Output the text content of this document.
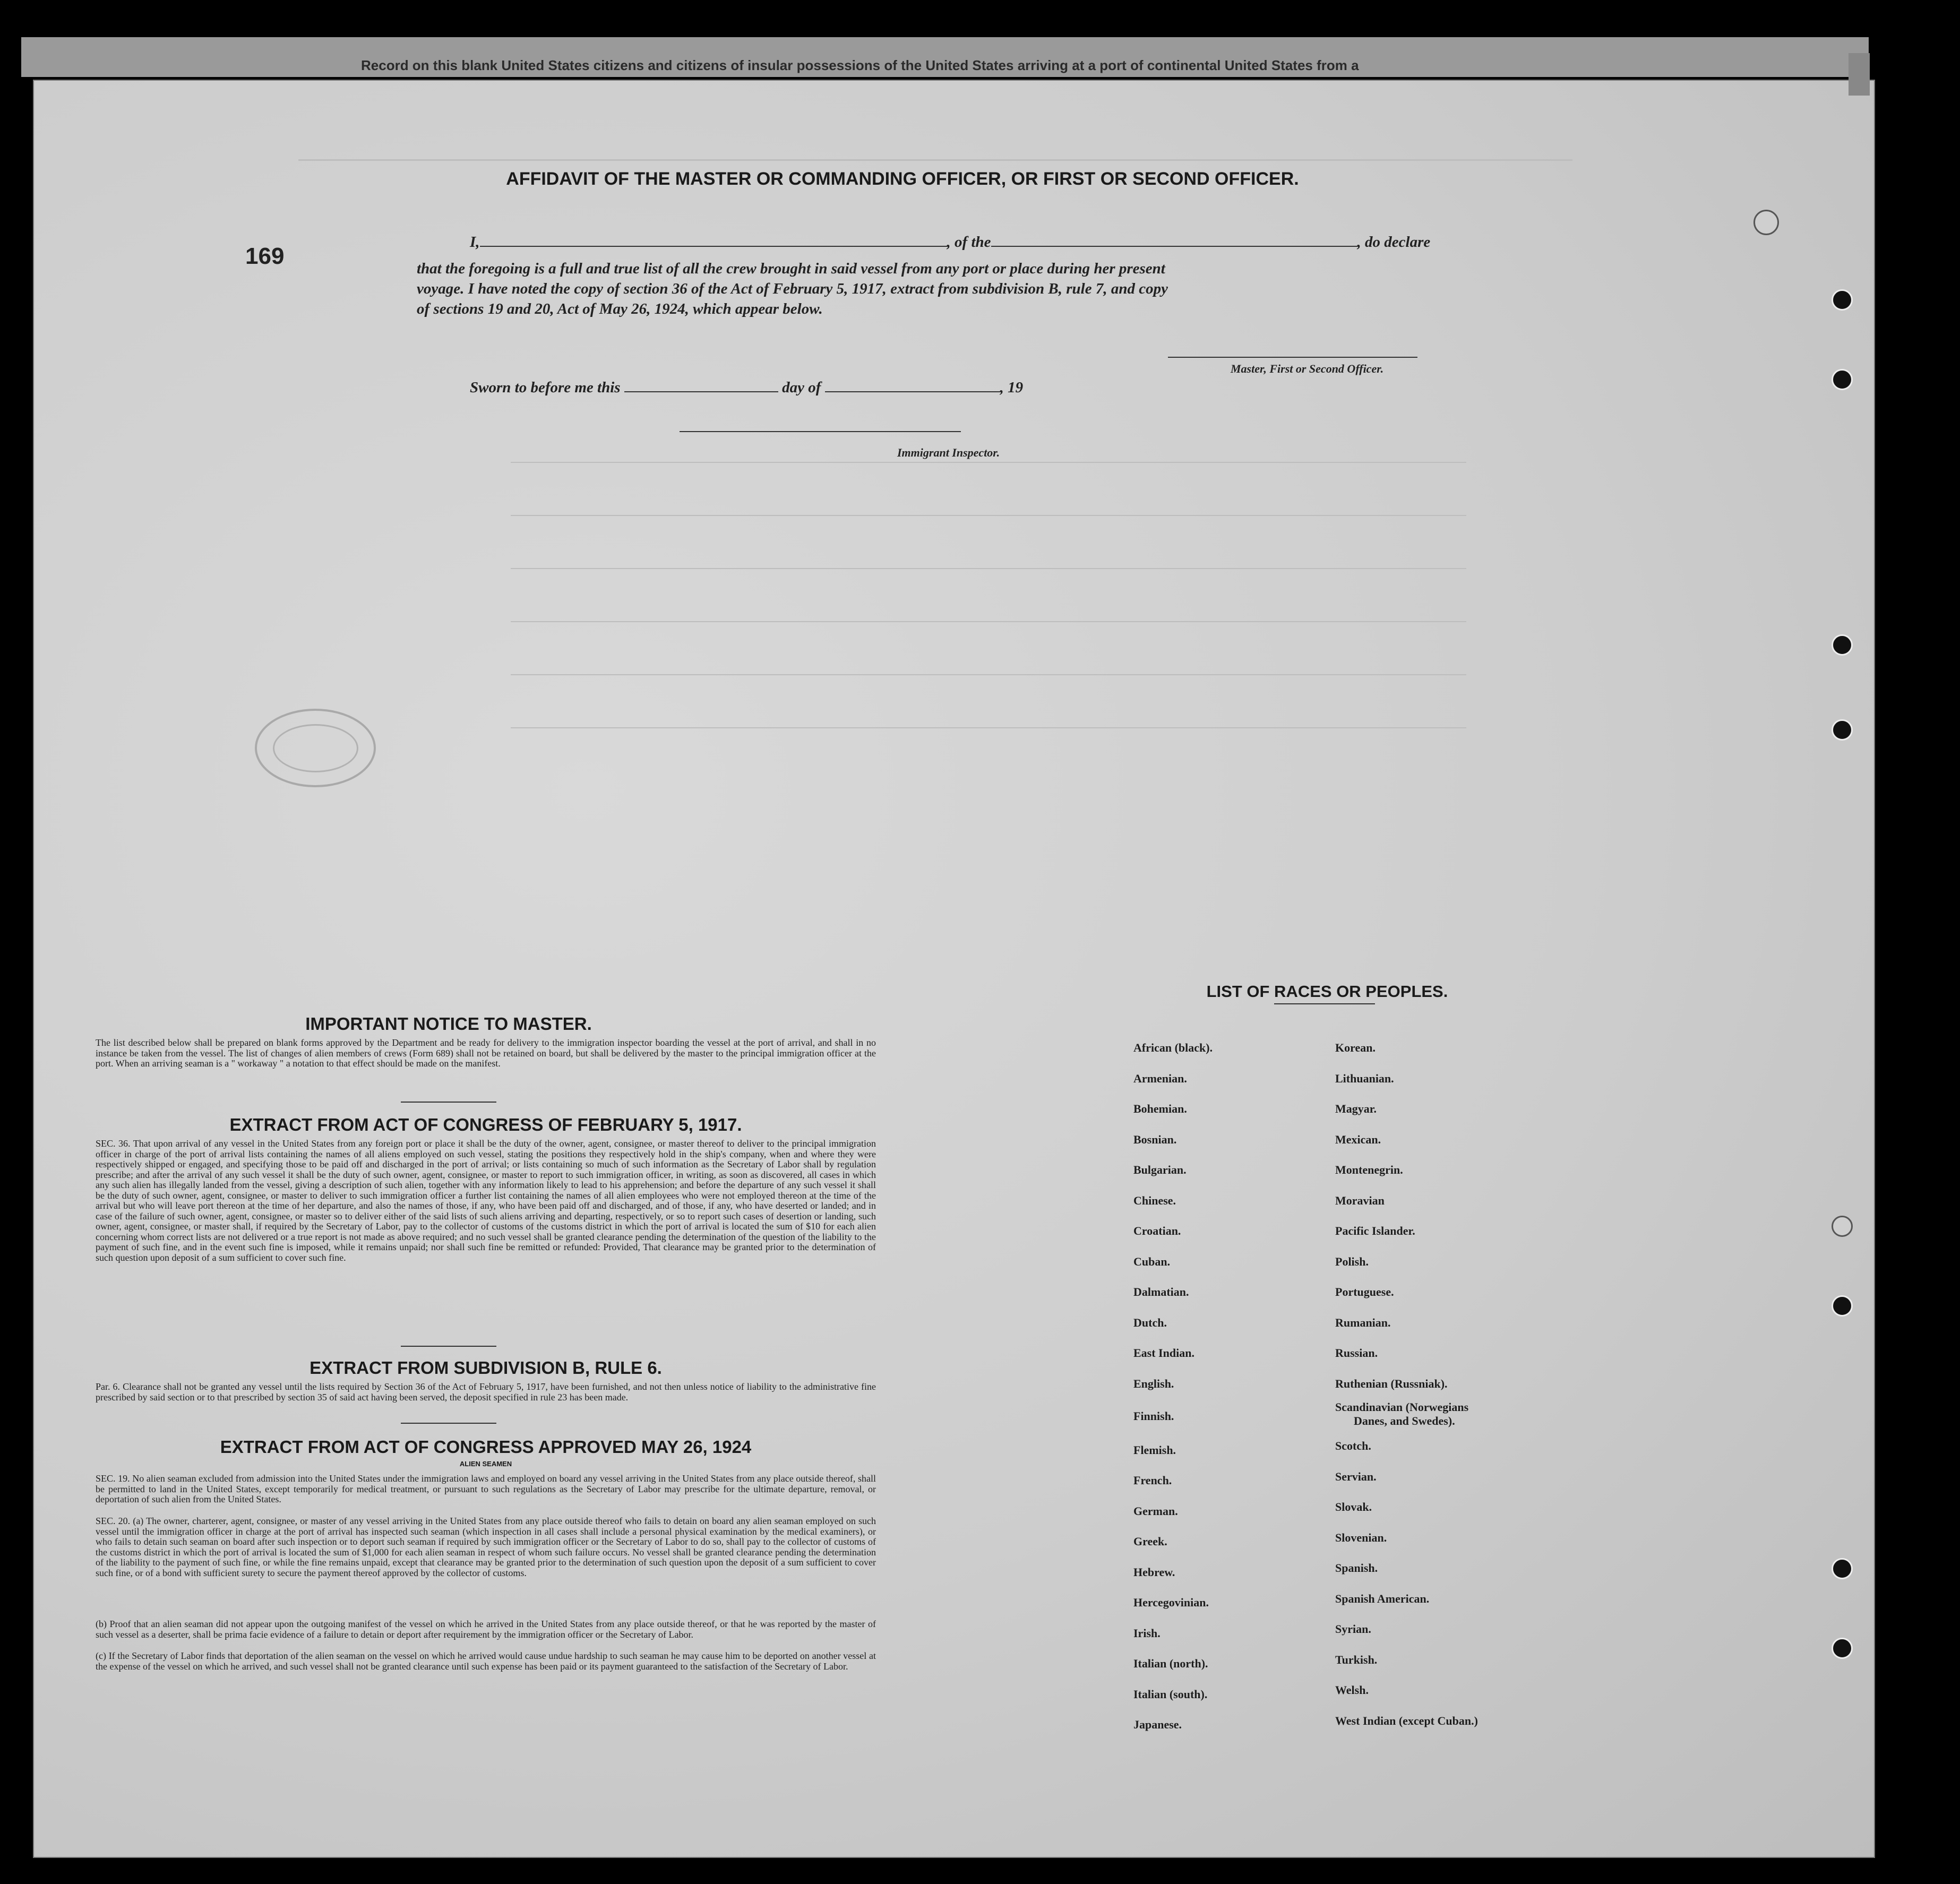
Record on this blank United States citizens and citizens of insular possessions of the United States arriving at a port of continental United States from a
169
AFFIDAVIT OF THE MASTER OR COMMANDING OFFICER, OR FIRST OR SECOND OFFICER.
I,	, of the	, do declare
that the foregoing is a full and true list of all the crew brought in said vessel from any port or place during her present
voyage. I have noted the copy of section 36 of the Act of February 5, 1917, extract from subdivision B, rule 7, and copy
of sections 19 and 20, Act of May 26, 1924, which appear below.
Master, First or Second Officer.
Sworn to before me this	day of	, 19
Immigrant Inspector.
IMPORTANT NOTICE TO MASTER.
The list described below shall be prepared on blank forms approved by the Department and be ready for delivery to the immigration inspector boarding the vessel at the port of arrival, and shall in no instance be taken from the vessel. The list of changes of alien members of crews (Form 689) shall not be retained on board, but shall be delivered by the master to the principal immigration officer at the port. When an arriving seaman is a " workaway " a notation to that effect should be made on the manifest.
EXTRACT FROM ACT OF CONGRESS OF FEBRUARY 5, 1917.
SEC. 36. That upon arrival of any vessel in the United States from any foreign port or place it shall be the duty of the owner, agent, consignee, or master thereof to deliver to the principal immigration officer in charge of the port of arrival lists containing the names of all aliens employed on such vessel, stating the positions they respectively hold in the ship's company, when and where they were respectively shipped or engaged, and specifying those to be paid off and discharged in the port of arrival; or lists containing so much of such information as the Secretary of Labor shall by regulation prescribe; and after the arrival of any such vessel it shall be the duty of such owner, agent, consignee, or master to report to such immigration officer, in writing, as soon as discovered, all cases in which any such alien has illegally landed from the vessel, giving a description of such alien, together with any information likely to lead to his apprehension; and before the departure of any such vessel it shall be the duty of such owner, agent, consignee, or master to deliver to such immigration officer a further list containing the names of all alien employees who were not employed thereon at the time of the arrival but who will leave port thereon at the time of her departure, and also the names of those, if any, who have been paid off and discharged, and of those, if any, who have deserted or landed; and in case of the failure of such owner, agent, consignee, or master so to deliver either of the said lists of such aliens arriving and departing, respectively, or so to report such cases of desertion or landing, such owner, agent, consignee, or master shall, if required by the Secretary of Labor, pay to the collector of customs of the customs district in which the port of arrival is located the sum of $10 for each alien concerning whom correct lists are not delivered or a true report is not made as above required; and no such vessel shall be granted clearance pending the determination of the question of the liability to the payment of such fine, and in the event such fine is imposed, while it remains unpaid; nor shall such fine be remitted or refunded: Provided, That clearance may be granted prior to the determination of such question upon deposit of a sum sufficient to cover such fine.
EXTRACT FROM SUBDIVISION B, RULE 6.
Par. 6. Clearance shall not be granted any vessel until the lists required by Section 36 of the Act of February 5, 1917, have been furnished, and not then unless notice of liability to the administrative fine prescribed by said section or to that prescribed by section 35 of said act having been served, the deposit specified in rule 23 has been made.
EXTRACT FROM ACT OF CONGRESS APPROVED MAY 26, 1924
ALIEN SEAMEN
SEC. 19. No alien seaman excluded from admission into the United States under the immigration laws and employed on board any vessel arriving in the United States from any place outside thereof, shall be permitted to land in the United States, except temporarily for medical treatment, or pursuant to such regulations as the Secretary of Labor may prescribe for the ultimate departure, removal, or deportation of such alien from the United States.
SEC. 20. (a) The owner, charterer, agent, consignee, or master of any vessel arriving in the United States from any place outside thereof who fails to detain on board any alien seaman employed on such vessel until the immigration officer in charge at the port of arrival has inspected such seaman (which inspection in all cases shall include a personal physical examination by the medical examiners), or who fails to detain such seaman on board after such inspection or to deport such seaman if required by such immigration officer or the Secretary of Labor to do so, shall pay to the collector of customs of the customs district in which the port of arrival is located the sum of $1,000 for each alien seaman in respect of whom such failure occurs. No vessel shall be granted clearance pending the determination of the liability to the payment of such fine, or while the fine remains unpaid, except that clearance may be granted prior to the determination of such question upon the deposit of a sum sufficient to cover such fine, or of a bond with sufficient surety to secure the payment thereof approved by the collector of customs.
(b) Proof that an alien seaman did not appear upon the outgoing manifest of the vessel on which he arrived in the United States from any place outside thereof, or that he was reported by the master of such vessel as a deserter, shall be prima facie evidence of a failure to detain or deport after requirement by the immigration officer or the Secretary of Labor.
(c) If the Secretary of Labor finds that deportation of the alien seaman on the vessel on which he arrived would cause undue hardship to such seaman he may cause him to be deported on another vessel at the expense of the vessel on which he arrived, and such vessel shall not be granted clearance until such expense has been paid or its payment guaranteed to the satisfaction of the Secretary of Labor.
LIST OF RACES OR PEOPLES.
African (black).
Armenian.
Bohemian.
Bosnian.
Bulgarian.
Chinese.
Croatian.
Cuban.
Dalmatian.
Dutch.
East Indian.
English.
Finnish.
Flemish.
French.
German.
Greek.
Hebrew.
Hercegovinian.
Irish.
Italian (north).
Italian (south).
Japanese.
Korean.
Lithuanian.
Magyar.
Mexican.
Montenegrin.
Moravian
Pacific Islander.
Polish.
Portuguese.
Rumanian.
Russian.
Ruthenian (Russniak).
Scandinavian (Norwegians
Danes, and Swedes).
Scotch.
Servian.
Slovak.
Slovenian.
Spanish.
Spanish American.
Syrian.
Turkish.
Welsh.
West Indian (except Cuban.)
